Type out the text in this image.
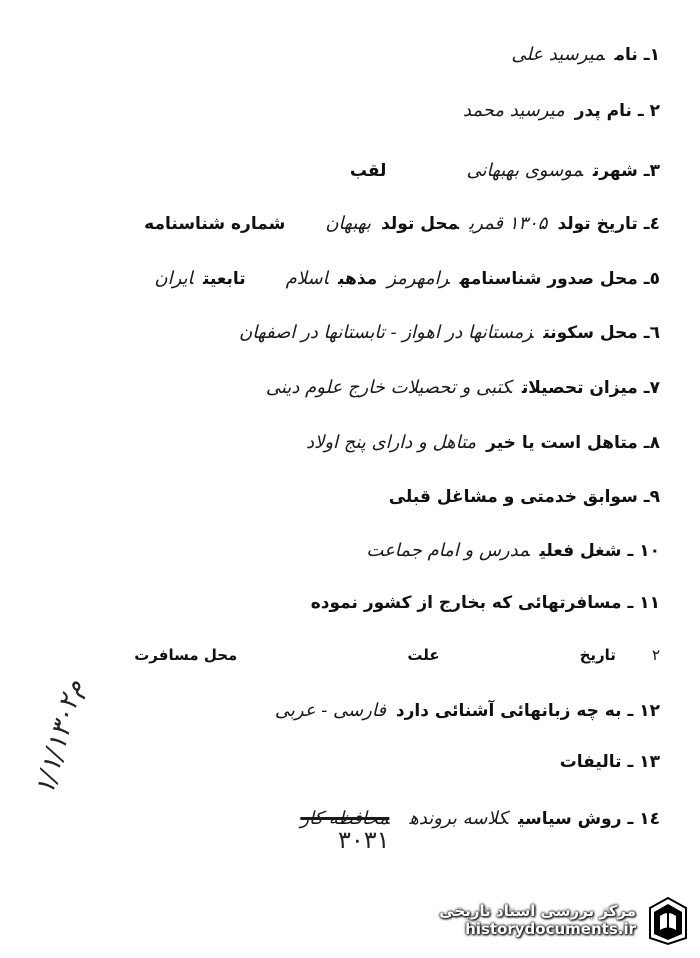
۱ـناممیرسید علی
۲ ـنام پدرمیرسید محمد
۳ـشهرتموسوی بهبهانیلقب
٤ـتاریخ تولد۱۳۰۵ قمریمحل تولدبهبهانشماره شناسنامه
٥ـمحل صدور شناسنامهرامهرمزمذهباسلامتابعیتایران
٦ـمحل سکونتزمستانها در اهواز - تابستانها در اصفهان
۷ـمیزان تحصیلاتکتبی و تحصیلات خارج علوم دینی
۸ـمتاهل است یا خیرمتاهل و دارای پنج اولاد
۹ـسوابق خدمتی و مشاغل قبلی
۱۰ ـشغل فعلیمدرس و امام جماعت
۱۱ ـمسافرتهائی که بخارج از کشور نموده
۲تاریخعلتمحل مسافرت
۱۲ ـبه چه زبانهائی آشنائی داردفارسی - عربی
۱۳ ـتالیفات
۱٤ ـروش سیاسیکلاسه بروندهمحافظه کار
۳۰۳۱
۱/۱/۱۳۰۲م
مرکز بررسی اسناد تاریخی
historydocuments.ir
